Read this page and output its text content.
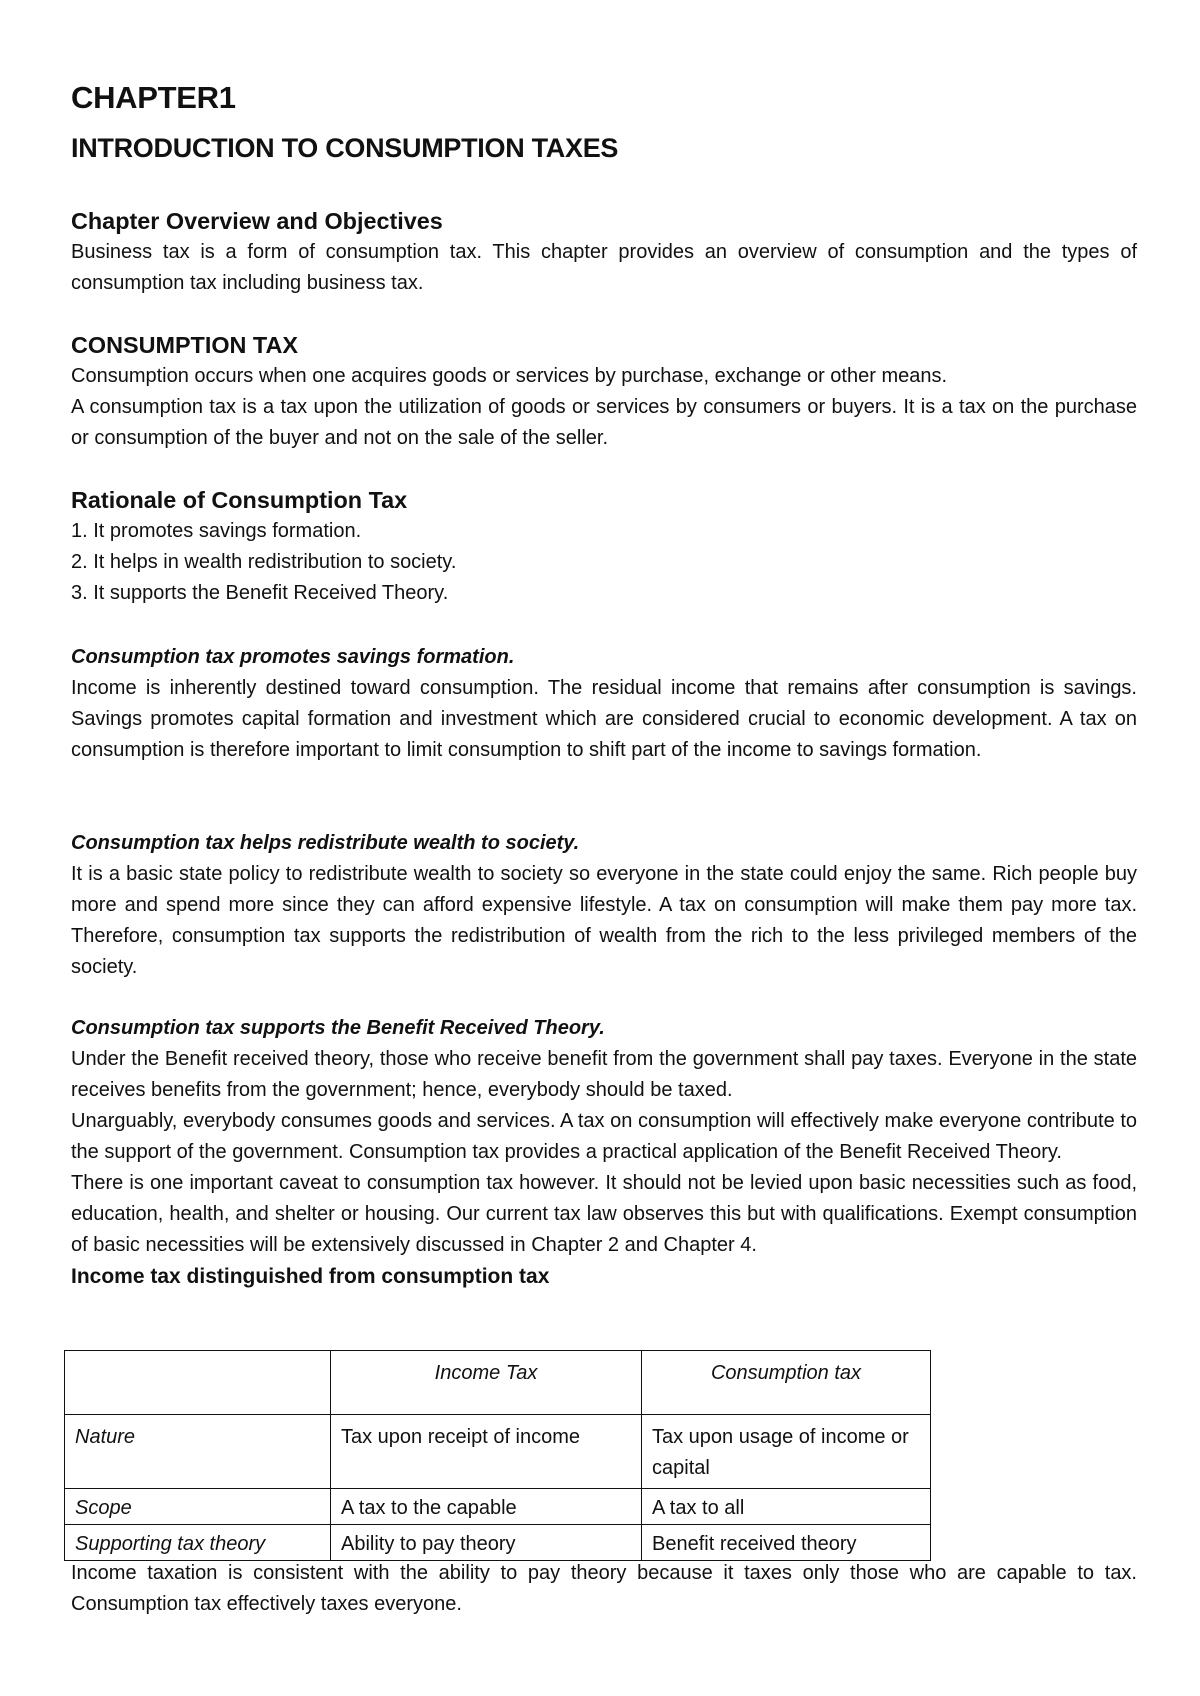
CHAPTER1
INTRODUCTION TO CONSUMPTION TAXES
Chapter Overview and Objectives

Business tax is a form of consumption tax. This chapter provides an overview of consumption and the types of consumption tax including business tax.

CONSUMPTION TAX

Consumption occurs when one acquires goods or services by purchase, exchange or other means.

A consumption tax is a tax upon the utilization of goods or services by consumers or buyers. It is a tax on the purchase or consumption of the buyer and not on the sale of the seller.

Rationale of Consumption Tax
1. It promotes savings formation.
2. It helps in wealth redistribution to society.
3. It supports the Benefit Received Theory.
Consumption tax promotes savings formation.

Income is inherently destined toward consumption. The residual income that remains after consumption is savings. Savings promotes capital formation and investment which are considered crucial to economic development. A tax on consumption is therefore important to limit consumption to shift part of the income to savings formation.

Consumption tax helps redistribute wealth to society.

It is a basic state policy to redistribute wealth to society so everyone in the state could enjoy the same. Rich people buy more and spend more since they can afford expensive lifestyle. A tax on consumption will make them pay more tax. Therefore, consumption tax supports the redistribution of wealth from the rich to the less privileged members of the society.

Consumption tax supports the Benefit Received Theory.

Under the Benefit received theory, those who receive benefit from the government shall pay taxes. Everyone in the state receives benefits from the government; hence, everybody should be taxed.

Unarguably, everybody consumes goods and services. A tax on consumption will effectively make everyone contribute to the support of the government. Consumption tax provides a practical application of the Benefit Received Theory.

There is one important caveat to consumption tax however. It should not be levied upon basic necessities such as food, education, health, and shelter or housing. Our current tax law observes this but with qualifications. Exempt consumption of basic necessities will be extensively discussed in Chapter 2 and Chapter 4.

Income tax distinguished from consumption tax
	Income Tax	Consumption tax
Nature	Tax upon receipt of income	Tax upon usage of income or capital
Scope	A tax to the capable	A tax to all
Supporting tax theory	Ability to pay theory	Benefit received theory

Income taxation is consistent with the ability to pay theory because it taxes only those who are capable to tax. Consumption tax effectively taxes everyone.
